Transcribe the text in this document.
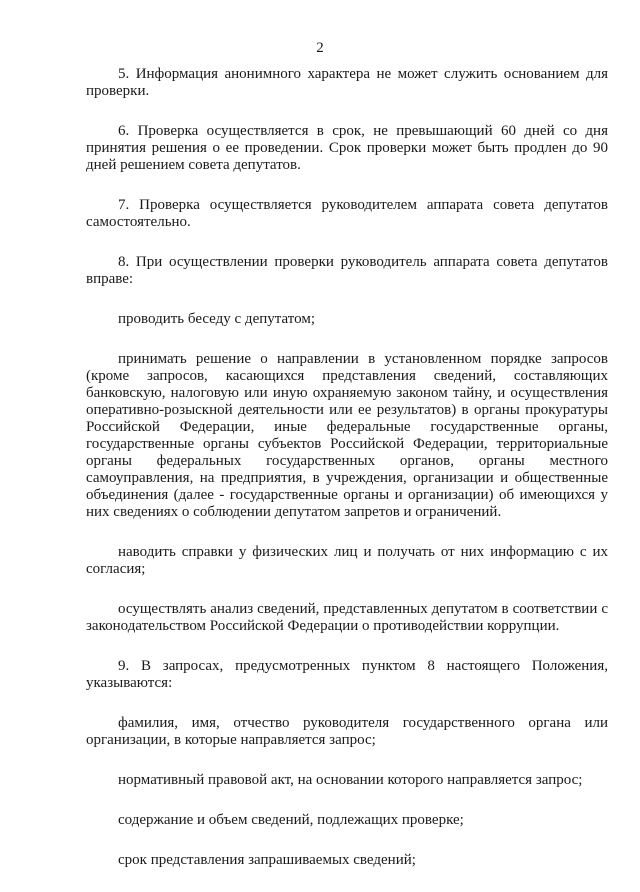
2

5. Информация анонимного характера не может служить основанием для проверки.

6. Проверка осуществляется в срок, не превышающий 60 дней со дня принятия решения о ее проведении. Срок проверки может быть продлен до 90 дней решением совета депутатов.

7. Проверка осуществляется руководителем аппарата совета депутатов самостоятельно.

8. При осуществлении проверки руководитель аппарата совета депутатов вправе:

проводить беседу с депутатом;

принимать решение о направлении в установленном порядке запросов (кроме запросов, касающихся представления сведений, составляющих банковскую, налоговую или иную охраняемую законом тайну, и осуществления оперативно-розыскной деятельности или ее результатов) в органы прокуратуры Российской Федерации, иные федеральные государственные органы, государственные органы субъектов Российской Федерации, территориальные органы федеральных государственных органов, органы местного самоуправления, на предприятия, в учреждения, организации и общественные объединения (далее - государственные органы и организации) об имеющихся у них сведениях о соблюдении депутатом запретов и ограничений.

наводить справки у физических лиц и получать от них информацию с их согласия;

осуществлять анализ сведений, представленных депутатом в соответствии с законодательством Российской Федерации о противодействии коррупции.

9. В запросах, предусмотренных пунктом 8 настоящего Положения, указываются:

фамилия, имя, отчество руководителя государственного органа или организации, в которые направляется запрос;

нормативный правовой акт, на основании которого направляется запрос;

содержание и объем сведений, подлежащих проверке;

срок представления запрашиваемых сведений;
